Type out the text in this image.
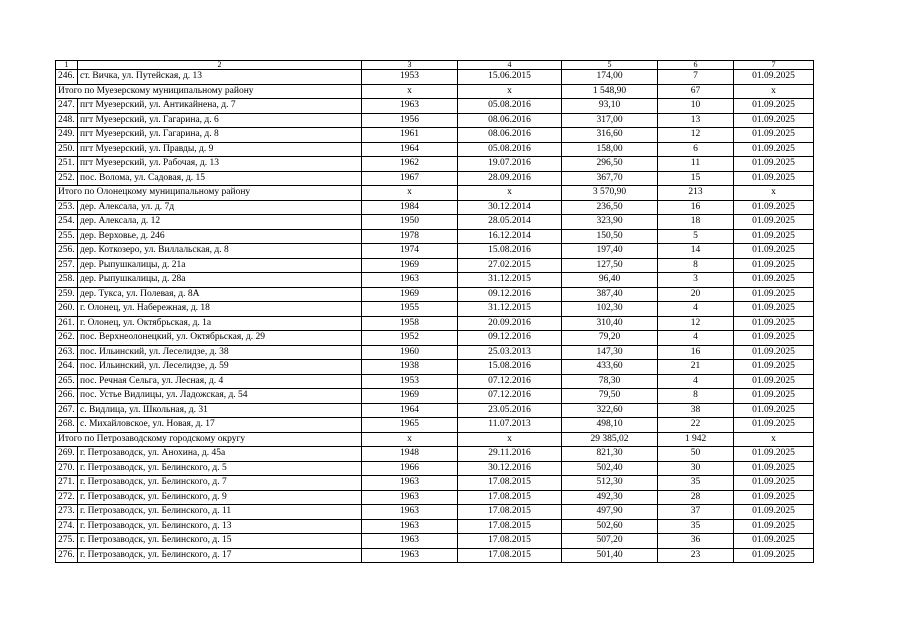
1	2	3	4	5	6	7
246.	ст. Вичка, ул. Путейская, д. 13	1953	15.06.2015	174,00	7	01.09.2025
Итого по Муезерскому муниципальному району		x	x	1 548,90	67	x
247.	пгт Муезерский, ул. Антикайнена, д. 7	1963	05.08.2016	93,10	10	01.09.2025
248.	пгт Муезерский, ул. Гагарина, д. 6	1956	08.06.2016	317,00	13	01.09.2025
249.	пгт Муезерский, ул. Гагарина, д. 8	1961	08.06.2016	316,60	12	01.09.2025
250.	пгт Муезерский, ул. Правды, д. 9	1964	05.08.2016	158,00	6	01.09.2025
251.	пгт Муезерский, ул. Рабочая, д. 13	1962	19.07.2016	296,50	11	01.09.2025
252.	пос. Волома, ул. Садовая, д. 15	1967	28.09.2016	367,70	15	01.09.2025
Итого по Олонецкому муниципальному району		x	x	3 570,90	213	x
253.	дер. Алексала, ул. д. 7д	1984	30.12.2014	236,50	16	01.09.2025
254.	дер. Алексала, д. 12	1950	28.05.2014	323,90	18	01.09.2025
255.	дер. Верховье, д. 246	1978	16.12.2014	150,50	5	01.09.2025
256.	дер. Коткозеро, ул. Виллальская, д. 8	1974	15.08.2016	197,40	14	01.09.2025
257.	дер. Рыпушкалицы, д. 21а	1969	27.02.2015	127,50	8	01.09.2025
258.	дер. Рыпушкалицы, д. 28а	1963	31.12.2015	96,40	3	01.09.2025
259.	дер. Тукса, ул. Полевая, д. 8А	1969	09.12.2016	387,40	20	01.09.2025
260.	г. Олонец, ул. Набережная, д. 18	1955	31.12.2015	102,30	4	01.09.2025
261.	г. Олонец, ул. Октябрьская, д. 1а	1958	20.09.2016	310,40	12	01.09.2025
262.	пос. Верхнеолонецкий, ул. Октябрьская, д. 29	1952	09.12.2016	79,20	4	01.09.2025
263.	пос. Ильинский, ул. Леселидзе, д. 38	1960	25.03.2013	147,30	16	01.09.2025
264.	пос. Ильинский, ул. Леселидзе, д. 59	1938	15.08.2016	433,60	21	01.09.2025
265.	пос. Речная Сельга, ул. Лесная, д. 4	1953	07.12.2016	78,30	4	01.09.2025
266.	пос. Устье Видлицы, ул. Ладожская, д. 54	1969	07.12.2016	79,50	8	01.09.2025
267.	с. Видлица, ул. Школьная, д. 31	1964	23.05.2016	322,60	38	01.09.2025
268.	с. Михайловское, ул. Новая, д. 17	1965	11.07.2013	498,10	22	01.09.2025
Итого по Петрозаводскому городскому округу		x	x	29 385,02	1 942	x
269.	г. Петрозаводск, ул. Анохина, д. 45а	1948	29.11.2016	821,30	50	01.09.2025
270.	г. Петрозаводск, ул. Белинского, д. 5	1966	30.12.2016	502,40	30	01.09.2025
271.	г. Петрозаводск, ул. Белинского, д. 7	1963	17.08.2015	512,30	35	01.09.2025
272.	г. Петрозаводск, ул. Белинского, д. 9	1963	17.08.2015	492,30	28	01.09.2025
273.	г. Петрозаводск, ул. Белинского, д. 11	1963	17.08.2015	497,90	37	01.09.2025
274.	г. Петрозаводск, ул. Белинского, д. 13	1963	17.08.2015	502,60	35	01.09.2025
275.	г. Петрозаводск, ул. Белинского, д. 15	1963	17.08.2015	507,20	36	01.09.2025
276.	г. Петрозаводск, ул. Белинского, д. 17	1963	17.08.2015	501,40	23	01.09.2025
